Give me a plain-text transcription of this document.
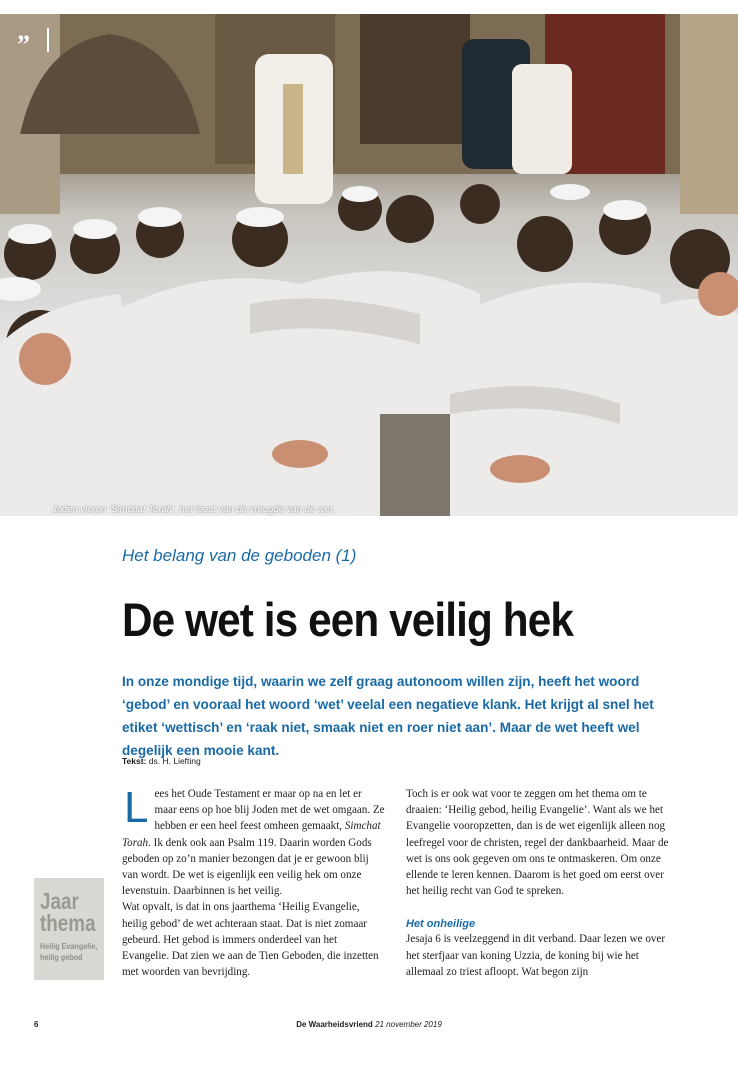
”
Joden vieren ‘Simchat Torah’, het feest van de vreugde van de wet.
Het belang van de geboden (1)
De wet is een veilig hek

In onze mondige tijd, waarin we zelf graag autonoom willen zijn, heeft het woord ‘gebod’ en vooraal het woord ‘wet’ veelal een negatieve klank. Het krijgt al snel het etiket ‘wettisch’ en ‘raak niet, smaak niet en roer niet aan’. Maar de wet heeft wel degelijk een mooie kant.

Tekst: ds. H. Liefting

Lees het Oude Testament er maar op na en let er maar eens op hoe blij Joden met de wet omgaan. Ze hebben er een heel feest omheen gemaakt, Simchat Torah. Ik denk ook aan Psalm 119. Daarin worden Gods geboden op zo’n manier bezongen dat je er gewoon blij van wordt. De wet is eigenlijk een veilig hek om onze levenstuin. Daarbinnen is het veilig.

Wat opvalt, is dat in ons jaarthema ‘Heilig Evangelie, heilig gebod’ de wet achteraan staat. Dat is niet zomaar gebeurd. Het gebod is immers onderdeel van het Evangelie. Dat zien we aan de Tien Geboden, die inzetten met woorden van bevrijding.

Toch is er ook wat voor te zeggen om het thema om te draaien: ‘Heilig gebod, heilig Evangelie’. Want als we het Evangelie vooropzetten, dan is de wet eigenlijk alleen nog leefregel voor de christen, regel der dankbaarheid. Maar de wet is ons ook gegeven om ons te ontmaskeren. Om onze ellende te leren kennen. Daarom is het goed om eerst over het heilig recht van God te spreken.

Het onheilige

Jesaja 6 is veelzeggend in dit verband. Daar lezen we over het sterfjaar van koning Uzzia, de koning bij wie het allemaal zo triest afloopt. Wat begon zijn

Jaar
thema
Heilig Evangelie,
heilig gebod
6	De Waarheidsvriend 21 november 2019
